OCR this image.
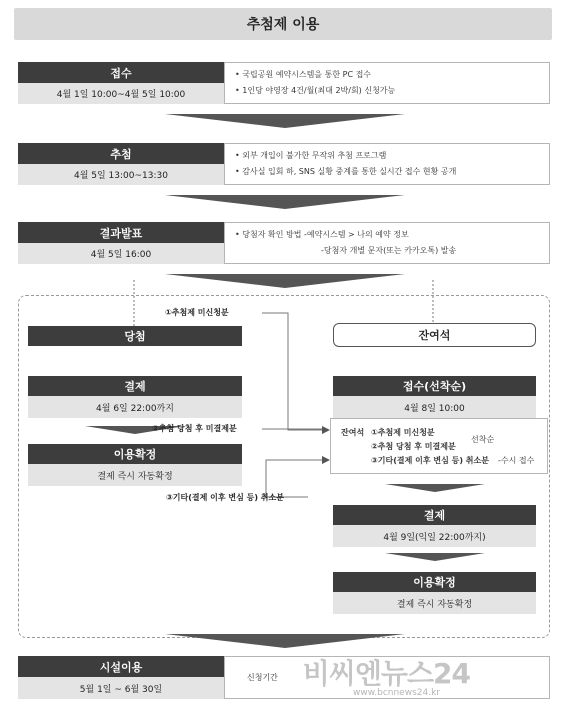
추첨제 이용
접수
4월 1일 10:00~4월 5일 10:00
• 국립공원 예약시스템을 통한 PC 접수
• 1인당 야영장 4건/월(최대 2박/회) 신청가능
추첨
4월 5일 13:00~13:30
• 외부 개입이 불가한 무작위 추첨 프로그램
• 감사실 입회 하, SNS 실황 중계를 통한 실시간 접수 현황 공개
결과발표
4월 5일 16:00
• 당첨자 확인 방법 -예약시스템 > 나의 예약 정보
-당첨자 개별 문자(또는 카카오톡) 발송
당첨
결제
4월 6일 22:00까지
이용확정
결제 즉시 자동확정
①추첨제 미신청분
②추첨 당첨 후 미결제분
③기타(결제 이후 변심 등) 취소분
잔여석
접수(선착순)
4월 8일 10:00
잔여석 ①추첨제 미신청분
②추첨 당첨 후 미결제분
선착순
③기타(결제 이후 변심 등) 취소분 -수시 접수
결제
4월 9일(익일 22:00까지)
이용확정
결제 즉시 자동확정
시설이용
5월 1일 ~ 6월 30일
신청기간 비씨엔뉴스24
www.bcnnews24.kr
